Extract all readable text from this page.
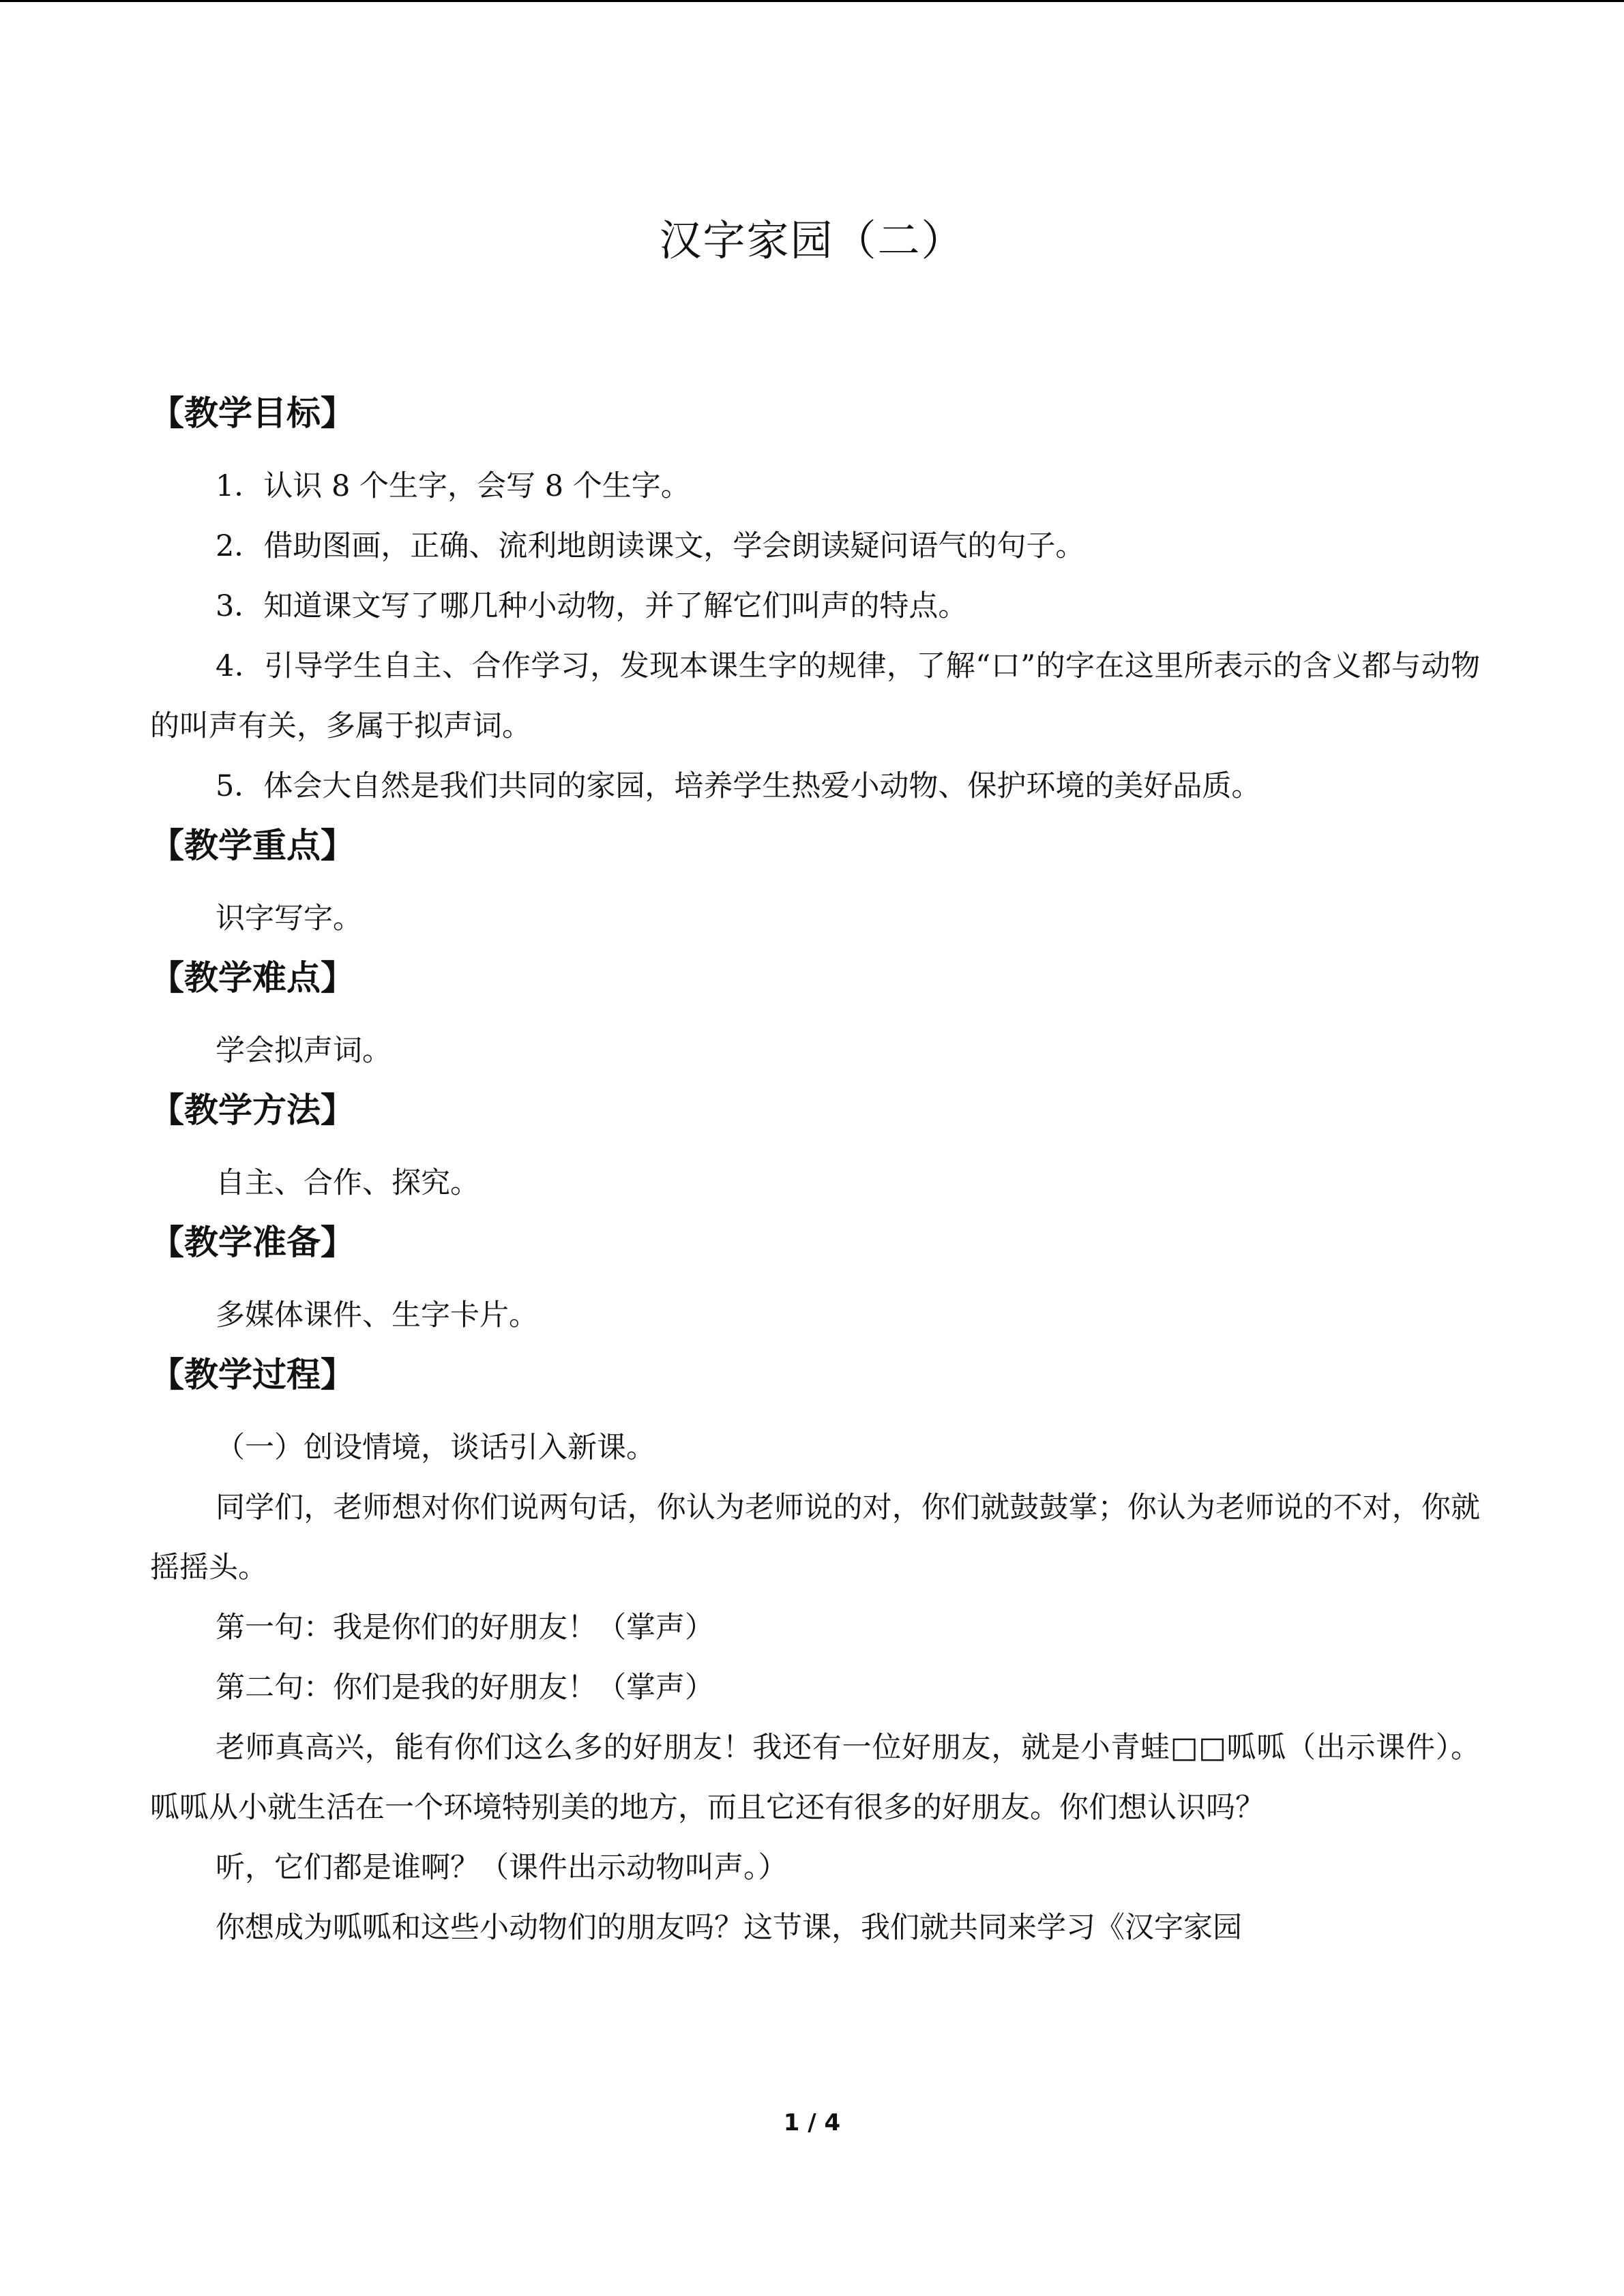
汉字家园（二）
【教学目标】

1．认识 8 个生字，会写 8 个生字。

2．借助图画，正确、流利地朗读课文，学会朗读疑问语气的句子。

3．知道课文写了哪几种小动物，并了解它们叫声的特点。

4．引导学生自主、合作学习，发现本课生字的规律，了解“口”的字在这里所表示的含义都与动物的叫声有关，多属于拟声词。

5．体会大自然是我们共同的家园，培养学生热爱小动物、保护环境的美好品质。

【教学重点】

识字写字。

【教学难点】

学会拟声词。

【教学方法】

自主、合作、探究。

【教学准备】

多媒体课件、生字卡片。

【教学过程】

（一）创设情境，谈话引入新课。

同学们，老师想对你们说两句话，你认为老师说的对，你们就鼓鼓掌；你认为老师说的不对，你就摇摇头。

第一句：我是你们的好朋友！（掌声）

第二句：你们是我的好朋友！（掌声）

老师真高兴，能有你们这么多的好朋友！我还有一位好朋友，就是小青蛙□□呱呱（出示课件）。呱呱从小就生活在一个环境特别美的地方，而且它还有很多的好朋友。你们想认识吗？

听，它们都是谁啊？（课件出示动物叫声。）

你想成为呱呱和这些小动物们的朋友吗？这节课，我们就共同来学习《汉字家园

1 / 4
